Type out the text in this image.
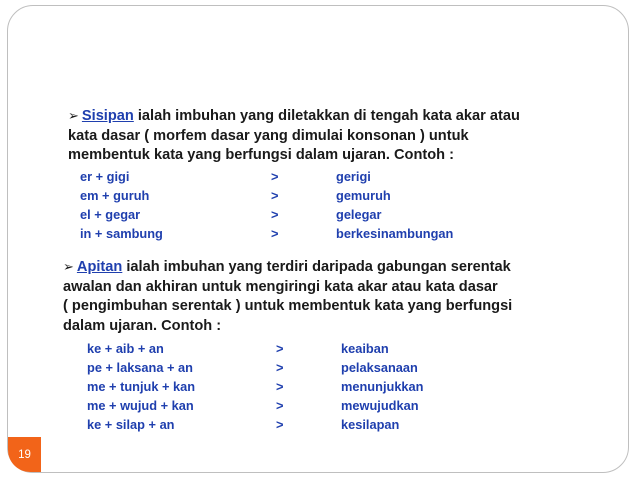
➢ Sisipan ialah imbuhan yang diletakkan di tengah kata akar atau
kata dasar ( morfem dasar yang dimulai konsonan ) untuk
membentuk kata yang berfungsi dalam ujaran. Contoh :
er + gigi	>	gerigi
em + guruh	>	gemuruh
el + gegar	>	gelegar
in + sambung	>	berkesinambungan
➢ Apitan ialah imbuhan yang terdiri daripada gabungan serentak
awalan dan akhiran untuk mengiringi kata akar atau kata dasar
( pengimbuhan serentak ) untuk membentuk kata yang berfungsi
dalam ujaran. Contoh :
ke + aib + an	>	keaiban
pe + laksana + an	>	pelaksanaan
me + tunjuk + kan	>	menunjukkan
me + wujud + kan	>	mewujudkan
ke + silap + an	>	kesilapan
19
